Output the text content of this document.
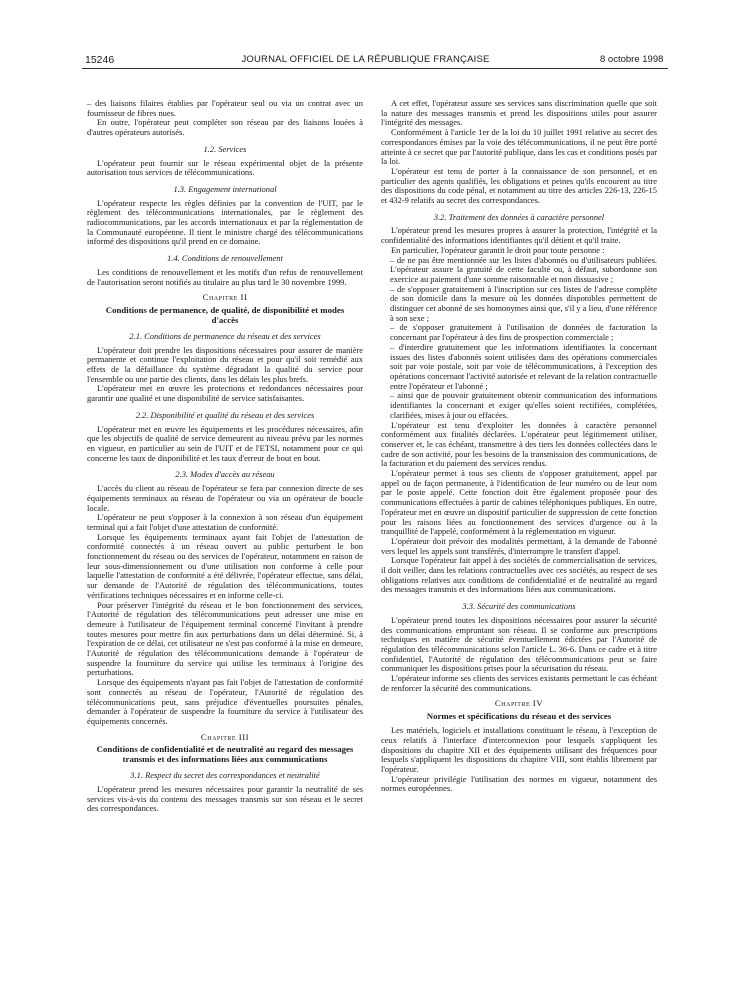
15246	JOURNAL OFFICIEL DE LA RÉPUBLIQUE FRANÇAISE	8 octobre 1998

– des liaisons filaires établies par l'opérateur seul ou via un contrat avec un fournisseur de fibres nues.

En outre, l'opérateur peut compléter son réseau par des liaisons louées à d'autres opérateurs autorisés.

1.2. Services

L'opérateur peut fournir sur le réseau expérimental objet de la présente autorisation tous services de télécommunications.

1.3. Engagement international

L'opérateur respecte les règles définies par la convention de l'UIT, par le règlement des télécommunications internationales, par le règlement des radiocommunications, par les accords internationaux et par la réglementation de la Communauté européenne. Il tient le ministre chargé des télécommunications informé des dispositions qu'il prend en ce domaine.

1.4. Conditions de renouvellement

Les conditions de renouvellement et les motifs d'un refus de renouvellement de l'autorisation seront notifiés au titulaire au plus tard le 30 novembre 1999.

Chapitre II
Conditions de permanence, de qualité, de disponibilité et modes d'accès
2.1. Conditions de permanence du réseau et des services

L'opérateur doit prendre les dispositions nécessaires pour assurer de manière permanente et continue l'exploitation du réseau et pour qu'il soit remédié aux effets de la défaillance du système dégradant la qualité du service pour l'ensemble ou une partie des clients, dans les délais les plus brefs.

L'opérateur met en œuvre les protections et redondances nécessaires pour garantir une qualité et une disponibilité de service satisfaisantes.

2.2. Disponibilité et qualité du réseau et des services

L'opérateur met en œuvre les équipements et les procédures nécessaires, afin que les objectifs de qualité de service demeurent au niveau prévu par les normes en vigueur, en particulier au sein de l'UIT et de l'ETSI, notamment pour ce qui concerne les taux de disponibilité et les taux d'erreur de bout en bout.

2.3. Modes d'accès au réseau

L'accès du client au réseau de l'opérateur se fera par connexion directe de ses équipements terminaux au réseau de l'opérateur ou via un opérateur de boucle locale.

L'opérateur ne peut s'opposer à la connexion à son réseau d'un équipement terminal qui a fait l'objet d'une attestation de conformité.

Lorsque les équipements terminaux ayant fait l'objet de l'attestation de conformité connectés à un réseau ouvert au public perturbent le bon fonctionnement du réseau ou des services de l'opérateur, notamment en raison de leur sous-dimensionnement ou d'une utilisation non conforme à celle pour laquelle l'attestation de conformité a été délivrée, l'opérateur effectue, sans délai, sur demande de l'Autorité de régulation des télécommunications, toutes vérifications techniques nécessaires et en informe celle-ci.

Pour préserver l'intégrité du réseau et le bon fonctionnement des services, l'Autorité de régulation des télécommunications peut adresser une mise en demeure à l'utilisateur de l'équipement terminal concerné l'invitant à prendre toutes mesures pour mettre fin aux perturbations dans un délai déterminé. Si, à l'expiration de ce délai, cet utilisateur ne s'est pas conformé à la mise en demeure, l'Autorité de régulation des télécommunications demande à l'opérateur de suspendre la fourniture du service qui utilise les terminaux à l'origine des perturbations.

Lorsque des équipements n'ayant pas fait l'objet de l'attestation de conformité sont connectés au réseau de l'opérateur, l'Autorité de régulation des télécommunications peut, sans préjudice d'éventuelles poursuites pénales, demander à l'opérateur de suspendre la fourniture du service à l'utilisateur des équipements concernés.

Chapitre III
Conditions de confidentialité et de neutralité au regard des messages transmis et des informations liées aux communications
3.1. Respect du secret des correspondances et neutralité

L'opérateur prend les mesures nécessaires pour garantir la neutralité de ses services vis-à-vis du contenu des messages transmis sur son réseau et le secret des correspondances.

A cet effet, l'opérateur assure ses services sans discrimination quelle que soit la nature des messages transmis et prend les dispositions utiles pour assurer l'intégrité des messages.

Conformément à l'article 1er de la loi du 10 juillet 1991 relative au secret des correspondances émises par la voie des télécommunications, il ne peut être porté atteinte à ce secret que par l'autorité publique, dans les cas et conditions posés par la loi.

L'opérateur est tenu de porter à la connaissance de son personnel, et en particulier des agents qualifiés, les obligations et peines qu'ils encourent au titre des dispositions du code pénal, et notamment au titre des articles 226-13, 226-15 et 432-9 relatifs au secret des correspondances.

3.2. Traitement des données à caractère personnel

L'opérateur prend les mesures propres à assurer la protection, l'intégrité et la confidentialité des informations identifiantes qu'il détient et qu'il traite.

En particulier, l'opérateur garantit le droit pour toute personne :

– de ne pas être mentionnée sur les listes d'abonnés ou d'utilisateurs publiées. L'opérateur assure la gratuité de cette faculté ou, à défaut, subordonne son exercice au paiement d'une somme raisonnable et non dissuasive ;

– de s'opposer gratuitement à l'inscription sur ces listes de l'adresse complète de son domicile dans la mesure où les données disponibles permettent de distinguer cet abonné de ses homonymes ainsi que, s'il y a lieu, d'une référence à son sexe ;

– de s'opposer gratuitement à l'utilisation de données de facturation la concernant par l'opérateur à des fins de prospection commerciale ;

– d'interdire gratuitement que les informations identifiantes la concernant issues des listes d'abonnés soient utilisées dans des opérations commerciales soit par voie postale, soit par voie de télécommunications, à l'exception des opérations concernant l'activité autorisée et relevant de la relation contractuelle entre l'opérateur et l'abonné ;

– ainsi que de pouvoir gratuitement obtenir communication des informations identifiantes la concernant et exiger qu'elles soient rectifiées, complétées, clarifiées, mises à jour ou effacées.

L'opérateur est tenu d'exploiter les données à caractère personnel conformément aux finalités déclarées. L'opérateur peut légitimement utiliser, conserver et, le cas échéant, transmettre à des tiers les données collectées dans le cadre de son activité, pour les besoins de la transmission des communications, de la facturation et du paiement des services rendus.

L'opérateur permet à tous ses clients de s'opposer gratuitement, appel par appel ou de façon permanente, à l'identification de leur numéro ou de leur nom par le poste appelé. Cette fonction doit être également proposée pour des communications effectuées à partir de cabines téléphoniques publiques. En outre, l'opérateur met en œuvre un dispositif particulier de suppression de cette fonction pour les raisons liées au fonctionnement des services d'urgence ou à la tranquillité de l'appelé, conformément à la réglementation en vigueur.

L'opérateur doit prévoir des modalités permettant, à la demande de l'abonné vers lequel les appels sont transférés, d'interrompre le transfert d'appel.

Lorsque l'opérateur fait appel à des sociétés de commercialisation de services, il doit veiller, dans les relations contractuelles avec ces sociétés, au respect de ses obligations relatives aux conditions de confidentialité et de neutralité au regard des messages transmis et des informations liées aux communications.

3.3. Sécurité des communications

L'opérateur prend toutes les dispositions nécessaires pour assurer la sécurité des communications empruntant son réseau. Il se conforme aux prescriptions techniques en matière de sécurité éventuellement édictées par l'Autorité de régulation des télécommunications selon l'article L. 36-6. Dans ce cadre et à titre confidentiel, l'Autorité de régulation des télécommunications peut se faire communiquer les dispositions prises pour la sécurisation du réseau.

L'opérateur informe ses clients des services existants permettant le cas échéant de renforcer la sécurité des communications.

Chapitre IV
Normes et spécifications du réseau et des services

Les matériels, logiciels et installations constituant le réseau, à l'exception de ceux relatifs à l'interface d'interconnexion pour lesquels s'appliquent les dispositions du chapitre XII et des équipements utilisant des fréquences pour lesquels s'appliquent les dispositions du chapitre VIII, sont établis librement par l'opérateur.

L'opérateur privilégie l'utilisation des normes en vigueur, notamment des normes européennes.
